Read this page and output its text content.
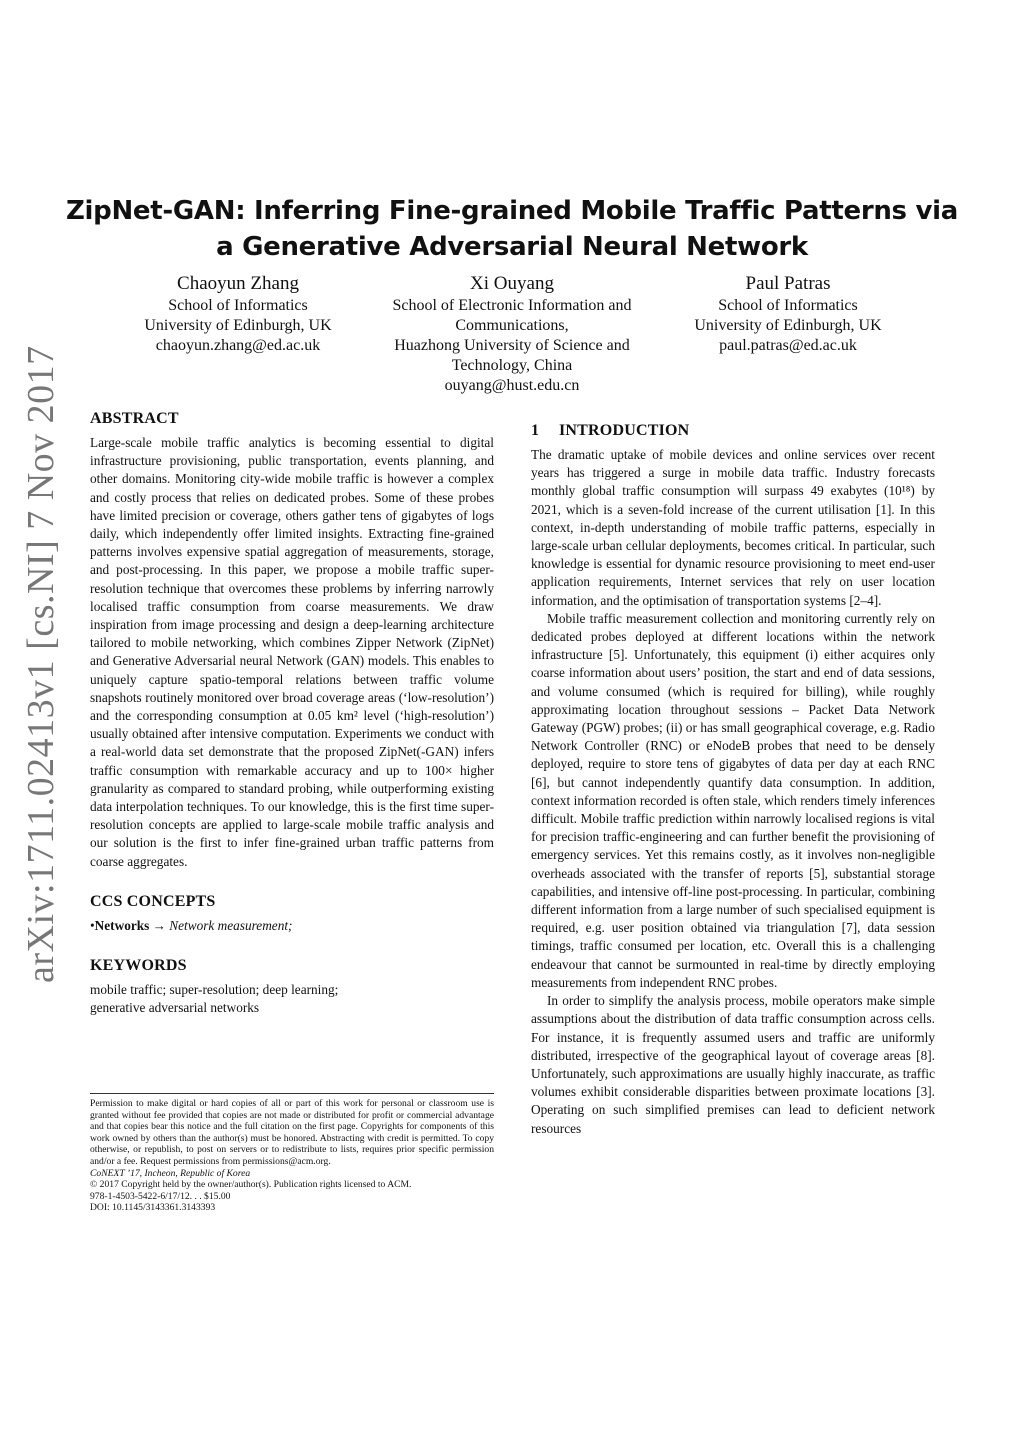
ZipNet-GAN: Inferring Fine-grained Mobile Traffic Patterns via
a Generative Adversarial Neural Network
Chaoyun Zhang
School of Informatics
University of Edinburgh, UK
chaoyun.zhang@ed.ac.uk
Xi Ouyang
School of Electronic Information and
Communications,
Huazhong University of Science and
Technology, China
ouyang@hust.edu.cn
Paul Patras
School of Informatics
University of Edinburgh, UK
paul.patras@ed.ac.uk
arXiv:1711.02413v1 [cs.NI] 7 Nov 2017 ABSTRACT

Large-scale mobile traffic analytics is becoming essential to digital infrastructure provisioning, public transportation, events planning, and other domains. Monitoring city-wide mobile traffic is however a complex and costly process that relies on dedicated probes. Some of these probes have limited precision or coverage, others gather tens of gigabytes of logs daily, which independently offer limited insights. Extracting fine-grained patterns involves expensive spatial aggregation of measurements, storage, and post-processing. In this paper, we propose a mobile traffic super-resolution technique that overcomes these problems by inferring narrowly localised traffic consumption from coarse measurements. We draw inspiration from image processing and design a deep-learning architecture tailored to mobile networking, which combines Zipper Network (ZipNet) and Generative Adversarial neural Network (GAN) models. This enables to uniquely capture spatio-temporal relations between traffic volume snapshots routinely monitored over broad coverage areas (‘low-resolution’) and the corresponding consumption at 0.05 km² level (‘high-resolution’) usually obtained after intensive computation. Experiments we conduct with a real-world data set demonstrate that the proposed ZipNet(-GAN) infers traffic consumption with remarkable accuracy and up to 100× higher granularity as compared to standard probing, while outperforming existing data interpolation techniques. To our knowledge, this is the first time super-resolution concepts are applied to large-scale mobile traffic analysis and our solution is the first to infer fine-grained urban traffic patterns from coarse aggregates.

CCS CONCEPTS

•Networks → Network measurement;

KEYWORDS
mobile traffic; super-resolution; deep learning;
generative adversarial networks

Permission to make digital or hard copies of all or part of this work for personal or classroom use is granted without fee provided that copies are not made or distributed for profit or commercial advantage and that copies bear this notice and the full citation on the first page. Copyrights for components of this work owned by others than the author(s) must be honored. Abstracting with credit is permitted. To copy otherwise, or republish, to post on servers or to redistribute to lists, requires prior specific permission and/or a fee. Request permissions from permissions@acm.org.

CoNEXT ’17, Incheon, Republic of Korea
© 2017 Copyright held by the owner/author(s). Publication rights licensed to ACM.
978-1-4503-5422-6/17/12. . . $15.00
DOI: 10.1145/3143361.3143393
1 INTRODUCTION

The dramatic uptake of mobile devices and online services over recent years has triggered a surge in mobile data traffic. Industry forecasts monthly global traffic consumption will surpass 49 exabytes (10¹⁸) by 2021, which is a seven-fold increase of the current utilisation [1]. In this context, in-depth understanding of mobile traffic patterns, especially in large-scale urban cellular deployments, becomes critical. In particular, such knowledge is essential for dynamic resource provisioning to meet end-user application requirements, Internet services that rely on user location information, and the optimisation of transportation systems [2–4].

Mobile traffic measurement collection and monitoring currently rely on dedicated probes deployed at different locations within the network infrastructure [5]. Unfortunately, this equipment (i) either acquires only coarse information about users’ position, the start and end of data sessions, and volume consumed (which is required for billing), while roughly approximating location throughout sessions – Packet Data Network Gateway (PGW) probes; (ii) or has small geographical coverage, e.g. Radio Network Controller (RNC) or eNodeB probes that need to be densely deployed, require to store tens of gigabytes of data per day at each RNC [6], but cannot independently quantify data consumption. In addition, context information recorded is often stale, which renders timely inferences difficult. Mobile traffic prediction within narrowly localised regions is vital for precision traffic-engineering and can further benefit the provisioning of emergency services. Yet this remains costly, as it involves non-negligible overheads associated with the transfer of reports [5], substantial storage capabilities, and intensive off-line post-processing. In particular, combining different information from a large number of such specialised equipment is required, e.g. user position obtained via triangulation [7], data session timings, traffic consumed per location, etc. Overall this is a challenging endeavour that cannot be surmounted in real-time by directly employing measurements from independent RNC probes.

In order to simplify the analysis process, mobile operators make simple assumptions about the distribution of data traffic consumption across cells. For instance, it is frequently assumed users and traffic are uniformly distributed, irrespective of the geographical layout of coverage areas [8]. Unfortunately, such approximations are usually highly inaccurate, as traffic volumes exhibit considerable disparities between proximate locations [3]. Operating on such simplified premises can lead to deficient network resources
